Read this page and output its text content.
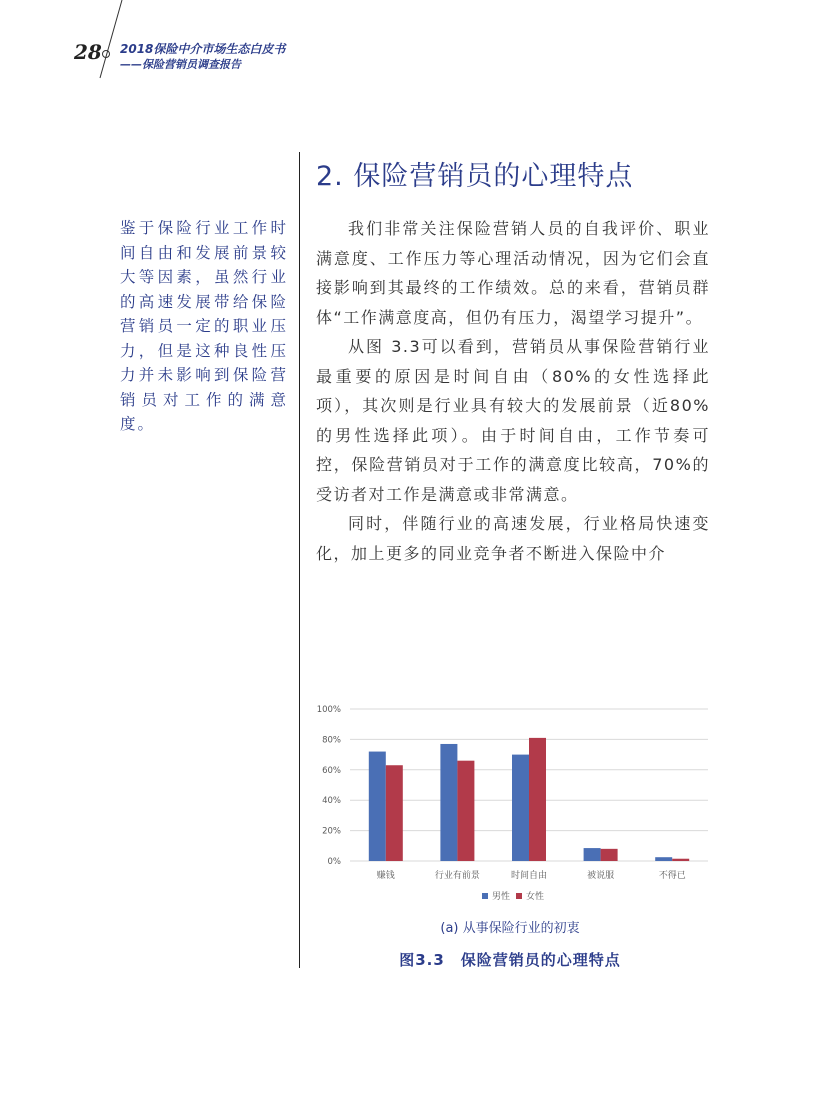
28 2018保险中介市场生态白皮书
——保险营销员调查报告
2. 保险营销员的心理特点
鉴于保险行业工作时间自由和发展前景较大等因素，虽然行业的高速发展带给保险营销员一定的职业压力，但是这种良性压力并未影响到保险营销员对工作的满意度。

我们非常关注保险营销人员的自我评价、职业满意度、工作压力等心理活动情况，因为它们会直接影响到其最终的工作绩效。总的来看，营销员群体“工作满意度高，但仍有压力，渴望学习提升”。

从图 3.3可以看到，营销员从事保险营销行业最重要的原因是时间自由（80%的女性选择此项），其次则是行业具有较大的发展前景（近80%的男性选择此项）。由于时间自由，工作节奏可控，保险营销员对于工作的满意度比较高，70%的受访者对工作是满意或非常满意。

同时，伴随行业的高速发展，行业格局快速变化，加上更多的同业竞争者不断进入保险中介

0%
20%
40%
60%
80%
100%
赚钱	行业有前景	时间自由	被说服	不得已
男性 女性
(a) 从事保险行业的初衷
图3.3　保险营销员的心理特点
